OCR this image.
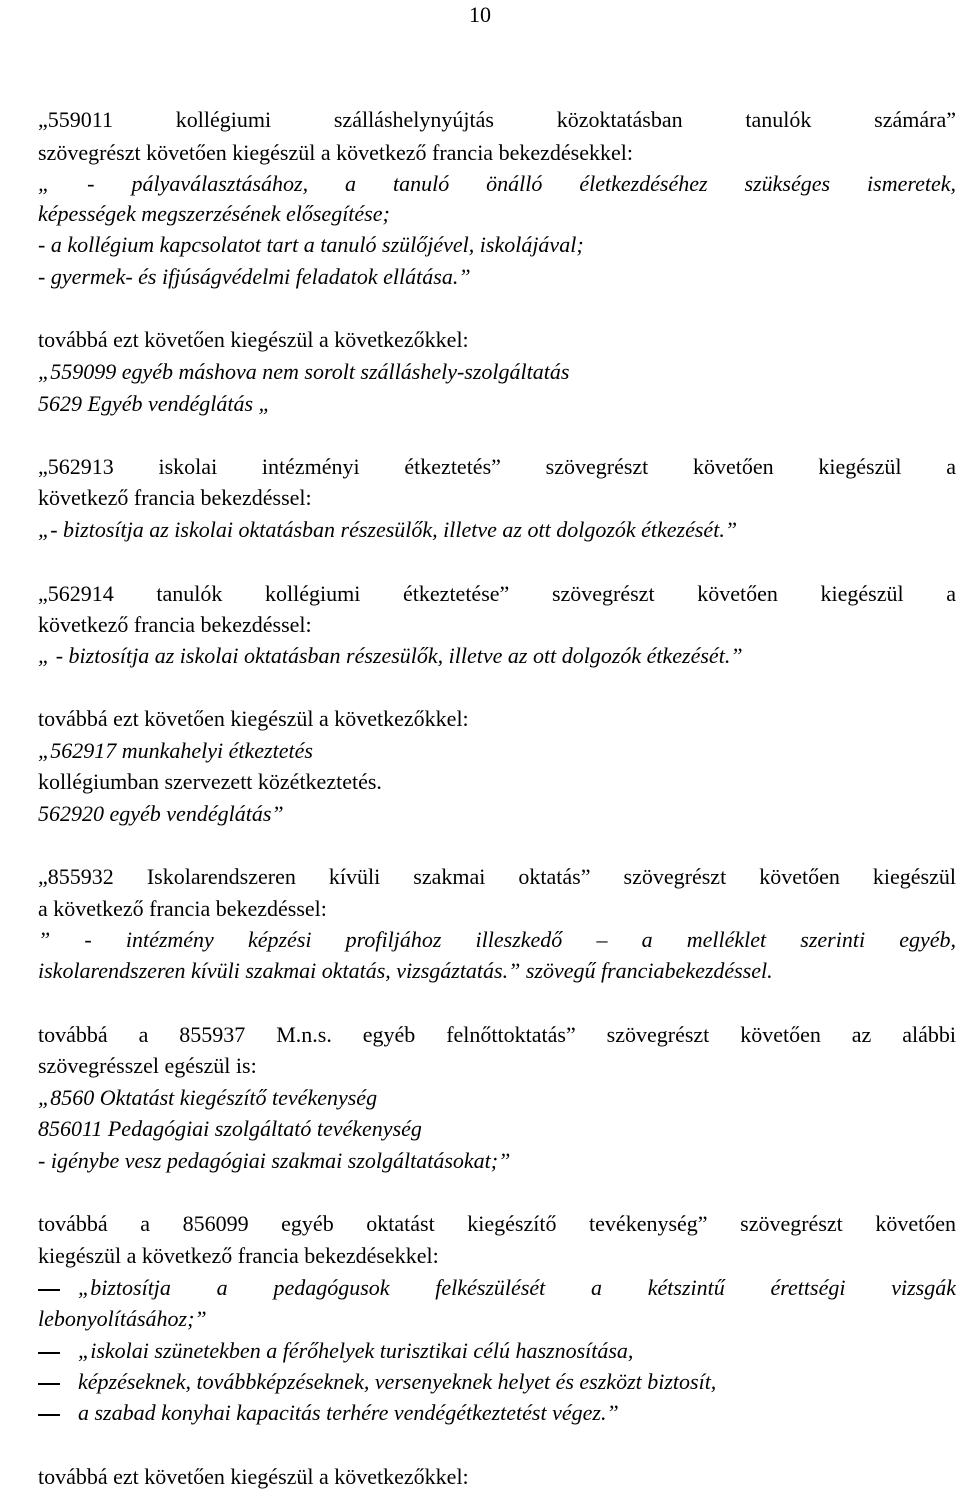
10
„559011 kollégiumi szálláshelynyújtás közoktatásban tanulók számára”
szövegrészt követően kiegészül a következő francia bekezdésekkel:
„ - pályaválasztásához, a tanuló önálló életkezdéséhez szükséges ismeretek,
képességek megszerzésének elősegítése;
- a kollégium kapcsolatot tart a tanuló szülőjével, iskolájával;
- gyermek- és ifjúságvédelmi feladatok ellátása.”
továbbá ezt követően kiegészül a következőkkel:
„559099 egyéb máshova nem sorolt szálláshely-szolgáltatás
5629 Egyéb vendéglátás „
„562913 iskolai intézményi étkeztetés” szövegrészt követően kiegészül a
következő francia bekezdéssel:
„- biztosítja az iskolai oktatásban részesülők, illetve az ott dolgozók étkezését.”
„562914 tanulók kollégiumi étkeztetése” szövegrészt követően kiegészül a
következő francia bekezdéssel:
„ - biztosítja az iskolai oktatásban részesülők, illetve az ott dolgozók étkezését.”
továbbá ezt követően kiegészül a következőkkel:
„562917 munkahelyi étkeztetés
kollégiumban szervezett közétkeztetés.
562920 egyéb vendéglátás”
„855932 Iskolarendszeren kívüli szakmai oktatás” szövegrészt követően kiegészül
a következő francia bekezdéssel:
” - intézmény képzési profiljához illeszkedő – a melléklet szerinti egyéb,
iskolarendszeren kívüli szakmai oktatás, vizsgáztatás.” szövegű franciabekezdéssel.
továbbá a 855937 M.n.s. egyéb felnőttoktatás” szövegrészt követően az alábbi
szövegrésszel egészül is:
„8560 Oktatást kiegészítő tevékenység
856011 Pedagógiai szolgáltató tevékenység
- igénybe vesz pedagógiai szakmai szolgáltatásokat;”
továbbá a 856099 egyéb oktatást kiegészítő tevékenység” szövegrészt követően
kiegészül a következő francia bekezdésekkel:
„biztosítja a pedagógusok felkészülését a kétszintű érettségi vizsgák
lebonyolításához;”
„iskolai szünetekben a férőhelyek turisztikai célú hasznosítása,
képzéseknek, továbbképzéseknek, versenyeknek helyet és eszközt biztosít,
a szabad konyhai kapacitás terhére vendégétkeztetést végez.”
továbbá ezt követően kiegészül a következőkkel:
